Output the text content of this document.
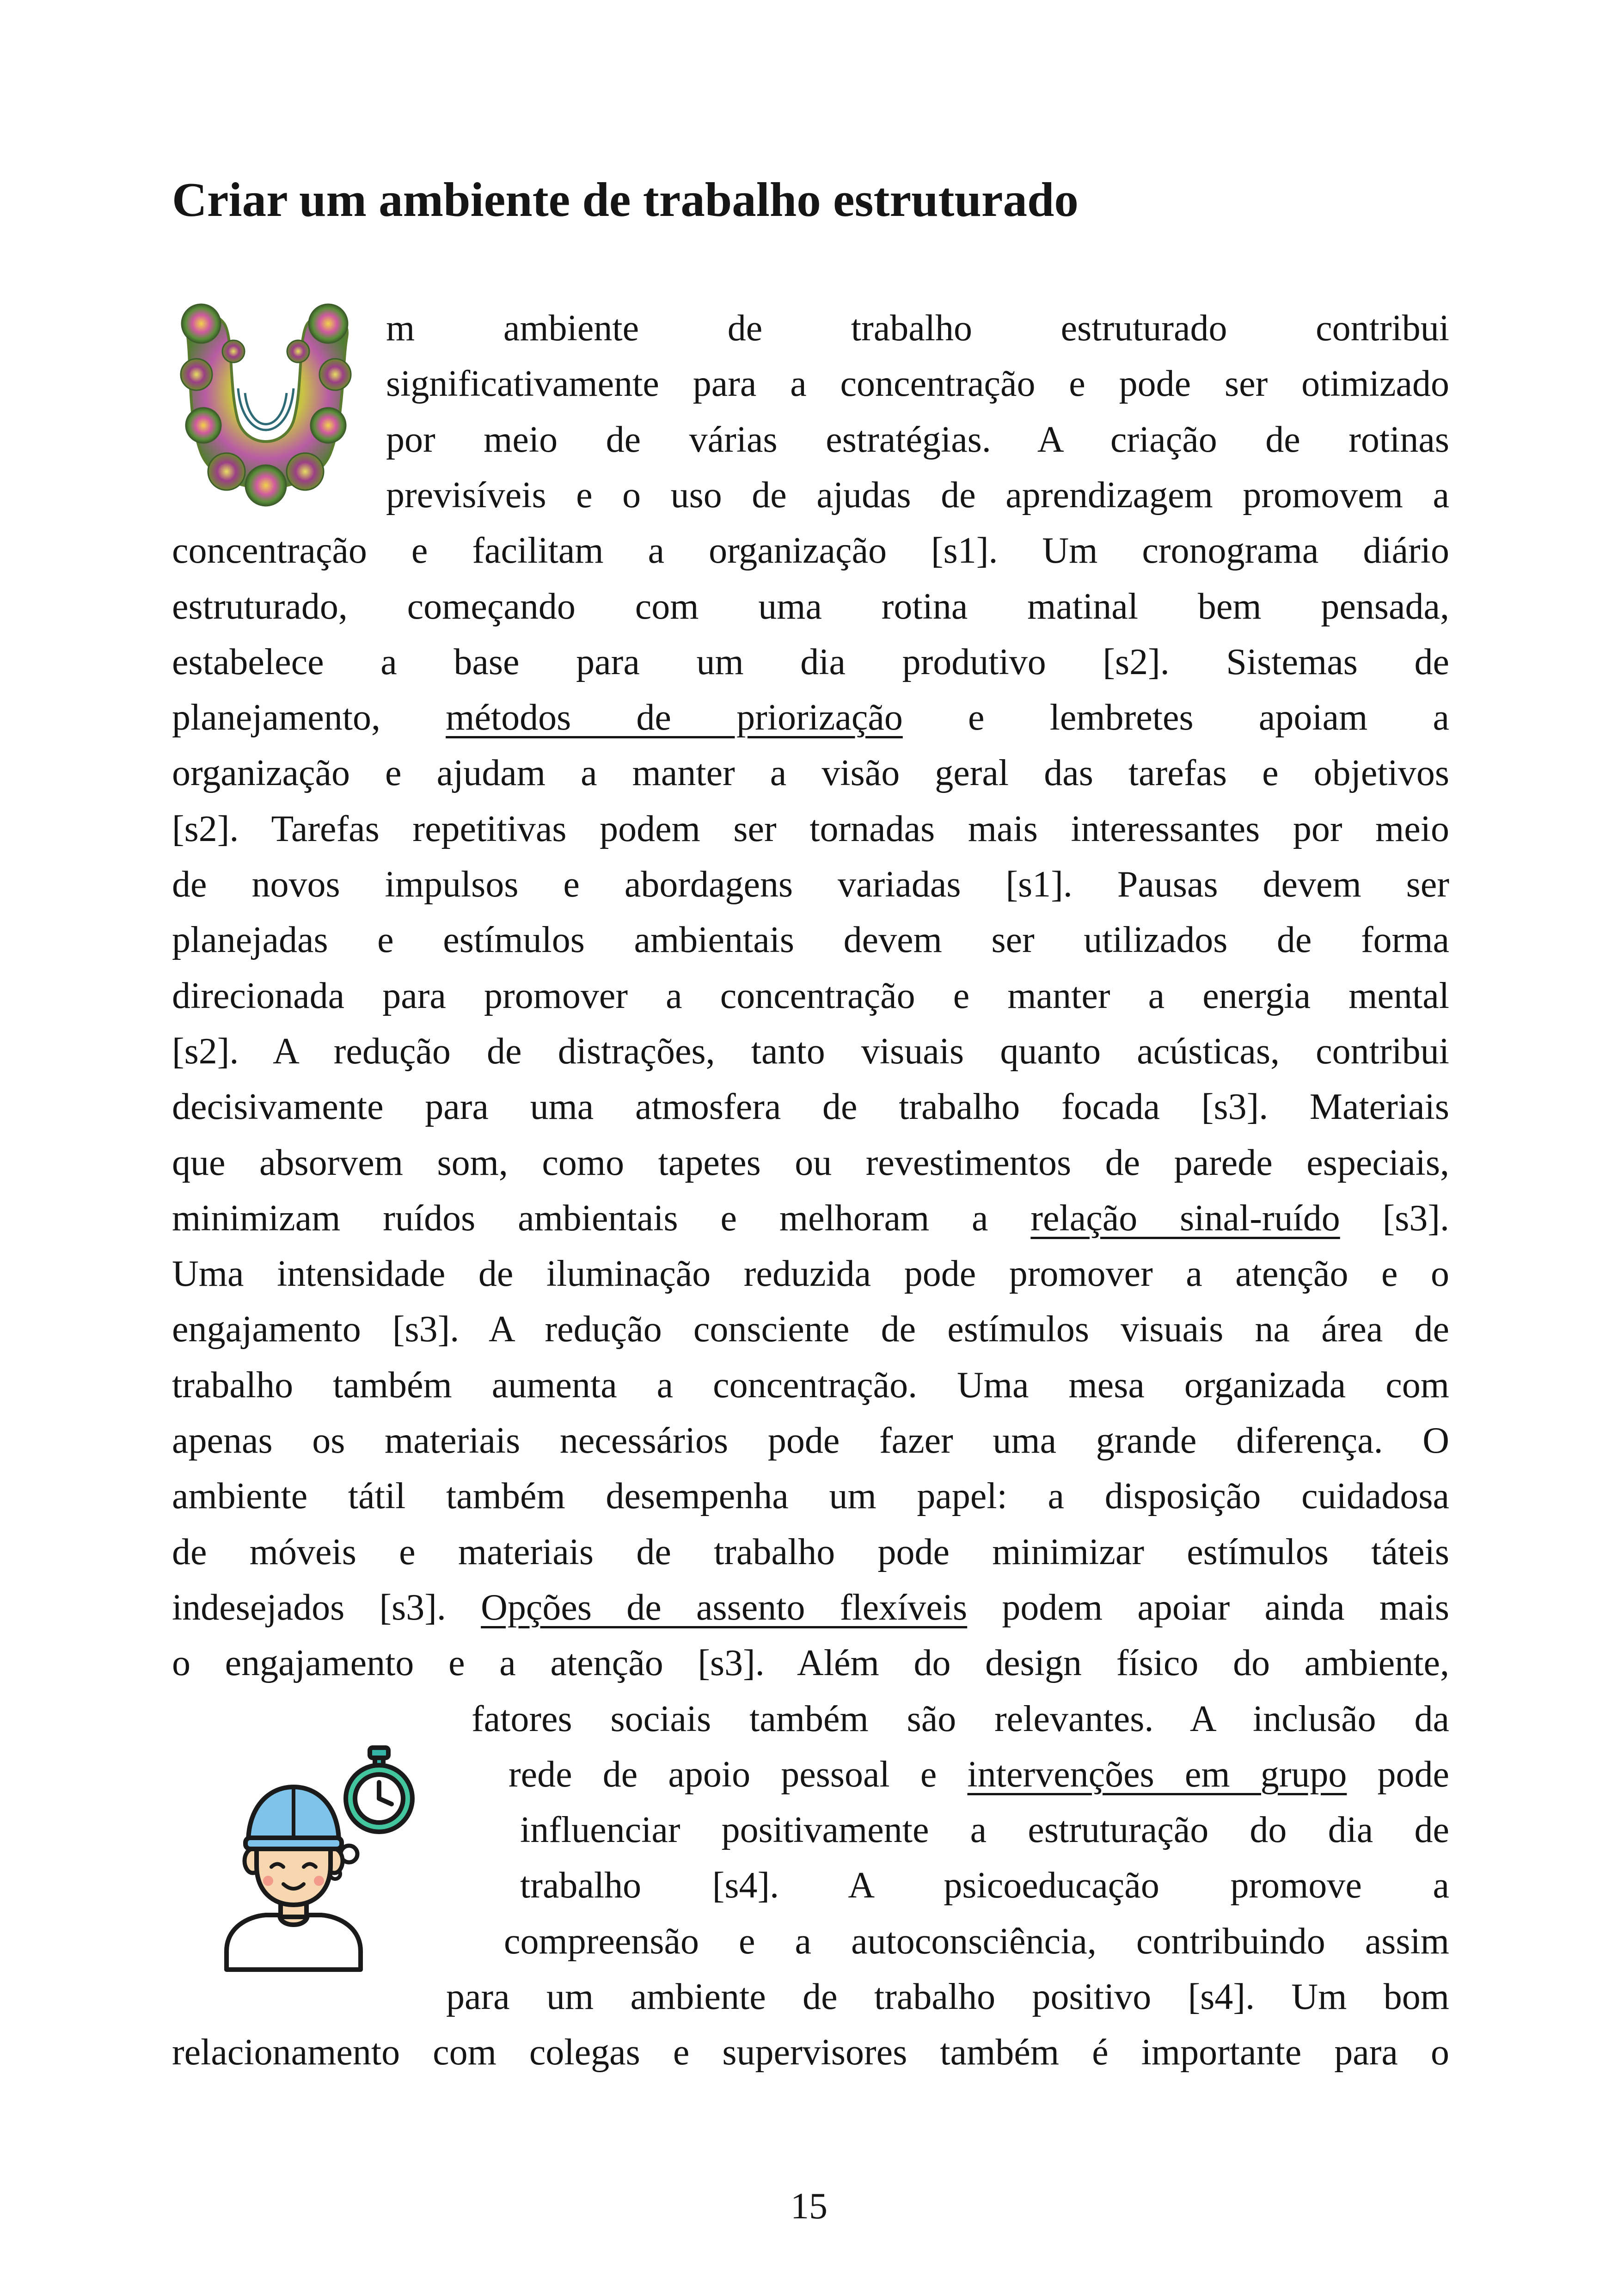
Criar um ambiente de trabalho estruturado
m ambiente de trabalho estruturado contribui
significativamente para a concentração e pode ser otimizado
por meio de várias estratégias. A criação de rotinas
previsíveis e o uso de ajudas de aprendizagem promovem a
concentração e facilitam a organização [s1]. Um cronograma diário
estruturado, começando com uma rotina matinal bem pensada,
estabelece a base para um dia produtivo [s2]. Sistemas de
planejamento, métodos de priorização e lembretes apoiam a
organização e ajudam a manter a visão geral das tarefas e objetivos
[s2]. Tarefas repetitivas podem ser tornadas mais interessantes por meio
de novos impulsos e abordagens variadas [s1]. Pausas devem ser
planejadas e estímulos ambientais devem ser utilizados de forma
direcionada para promover a concentração e manter a energia mental
[s2]. A redução de distrações, tanto visuais quanto acústicas, contribui
decisivamente para uma atmosfera de trabalho focada [s3]. Materiais
que absorvem som, como tapetes ou revestimentos de parede especiais,
minimizam ruídos ambientais e melhoram a relação sinal-ruído [s3].
Uma intensidade de iluminação reduzida pode promover a atenção e o
engajamento [s3]. A redução consciente de estímulos visuais na área de
trabalho também aumenta a concentração. Uma mesa organizada com
apenas os materiais necessários pode fazer uma grande diferença. O
ambiente tátil também desempenha um papel: a disposição cuidadosa
de móveis e materiais de trabalho pode minimizar estímulos táteis
indesejados [s3]. Opções de assento flexíveis podem apoiar ainda mais
o engajamento e a atenção [s3]. Além do design físico do ambiente,
fatores sociais também são relevantes. A inclusão da
rede de apoio pessoal e intervenções em grupo pode
influenciar positivamente a estruturação do dia de
trabalho [s4]. A psicoeducação promove a
compreensão e a autoconsciência, contribuindo assim
para um ambiente de trabalho positivo [s4]. Um bom
relacionamento com colegas e supervisores também é importante para o
15
